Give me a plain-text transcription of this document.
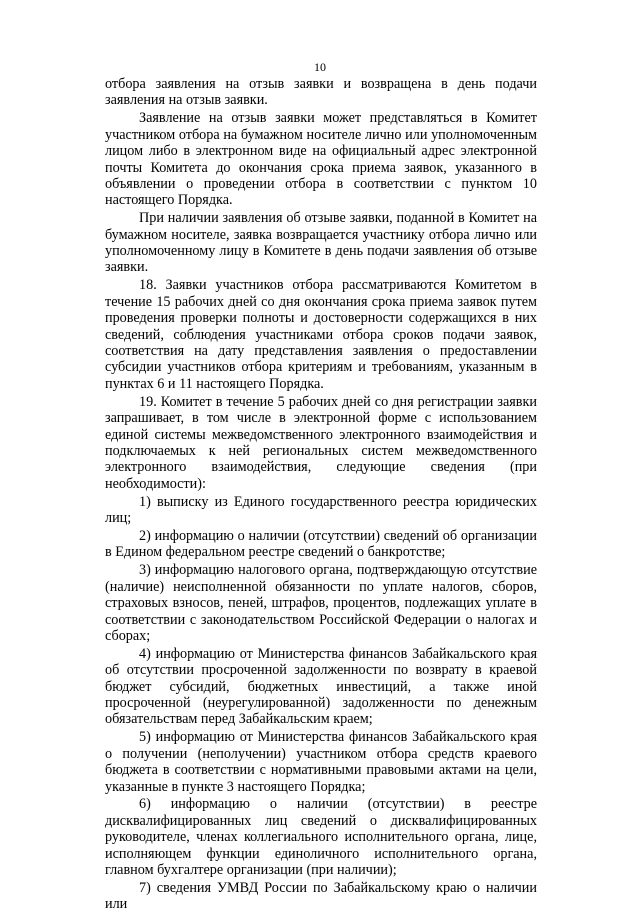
10

отбора заявления на отзыв заявки и возвращена в день подачи заявления на отзыв заявки.

Заявление на отзыв заявки может представляться в Комитет участником отбора на бумажном носителе лично или уполномоченным лицом либо в электронном виде на официальный адрес электронной почты Комитета до окончания срока приема заявок, указанного в объявлении о проведении отбора в соответствии с пунктом 10 настоящего Порядка.

При наличии заявления об отзыве заявки, поданной в Комитет на бумажном носителе, заявка возвращается участнику отбора лично или уполномоченному лицу в Комитете в день подачи заявления об отзыве заявки.

18. Заявки участников отбора рассматриваются Комитетом в течение 15 рабочих дней со дня окончания срока приема заявок путем проведения проверки полноты и достоверности содержащихся в них сведений, соблюдения участниками отбора сроков подачи заявок, соответствия на дату представления заявления о предоставлении субсидии участников отбора критериям и требованиям, указанным в пунктах 6 и 11 настоящего Порядка.

19. Комитет в течение 5 рабочих дней со дня регистрации заявки запрашивает, в том числе в электронной форме с использованием единой системы межведомственного электронного взаимодействия и подключаемых к ней региональных систем межведомственного электронного взаимодействия, следующие сведения (при необходимости):

1) выписку из Единого государственного реестра юридических лиц;

2) информацию о наличии (отсутствии) сведений об организации в Едином федеральном реестре сведений о банкротстве;

3) информацию налогового органа, подтверждающую отсутствие (наличие) неисполненной обязанности по уплате налогов, сборов, страховых взносов, пеней, штрафов, процентов, подлежащих уплате в соответствии с законодательством Российской Федерации о налогах и сборах;

4) информацию от Министерства финансов Забайкальского края об отсутствии просроченной задолженности по возврату в краевой бюджет субсидий, бюджетных инвестиций, а также иной просроченной (неурегулированной) задолженности по денежным обязательствам перед Забайкальским краем;

5) информацию от Министерства финансов Забайкальского края о получении (неполучении) участником отбора средств краевого бюджета в соответствии с нормативными правовыми актами на цели, указанные в пункте 3 настоящего Порядка;

6) информацию о наличии (отсутствии) в реестре дисквалифицированных лиц сведений о дисквалифицированных руководителе, членах коллегиального исполнительного органа, лице, исполняющем функции единоличного исполнительного органа, главном бухгалтере организации (при наличии);

7) сведения УМВД России по Забайкальскому краю о наличии или
